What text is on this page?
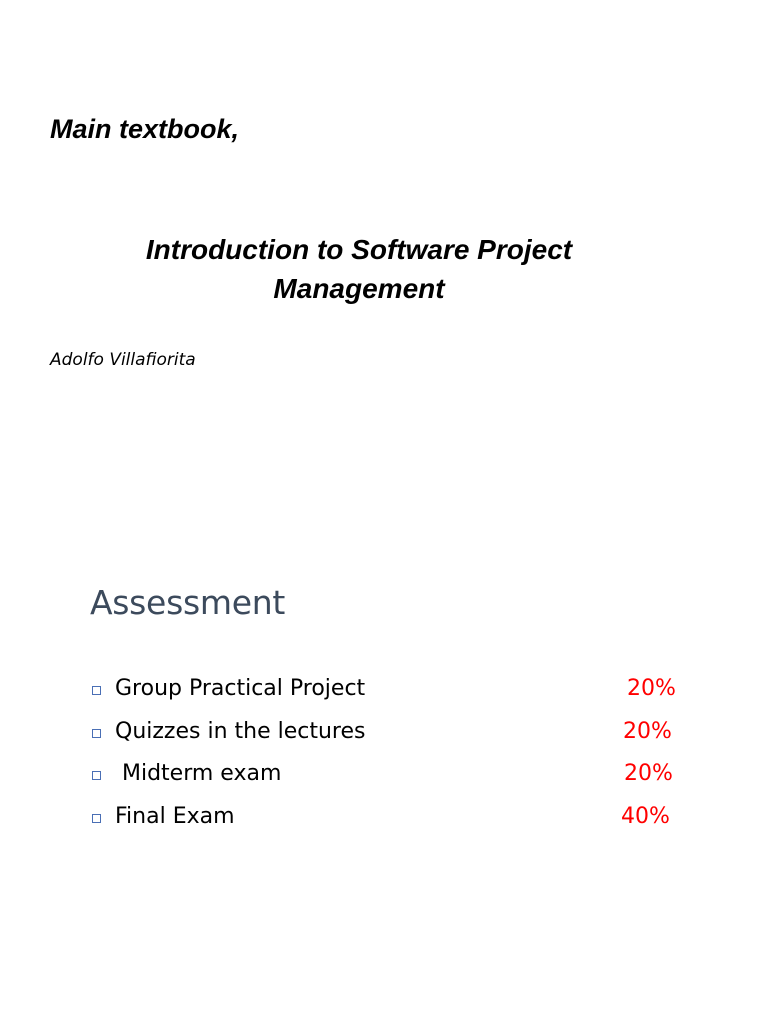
Main textbook,

Introduction to Software Project
Management

Adolfo Villafiorita

Assessment
Group Practical Project	20%
Quizzes in the lectures	20%
Midterm exam	20%
Final Exam	40%
